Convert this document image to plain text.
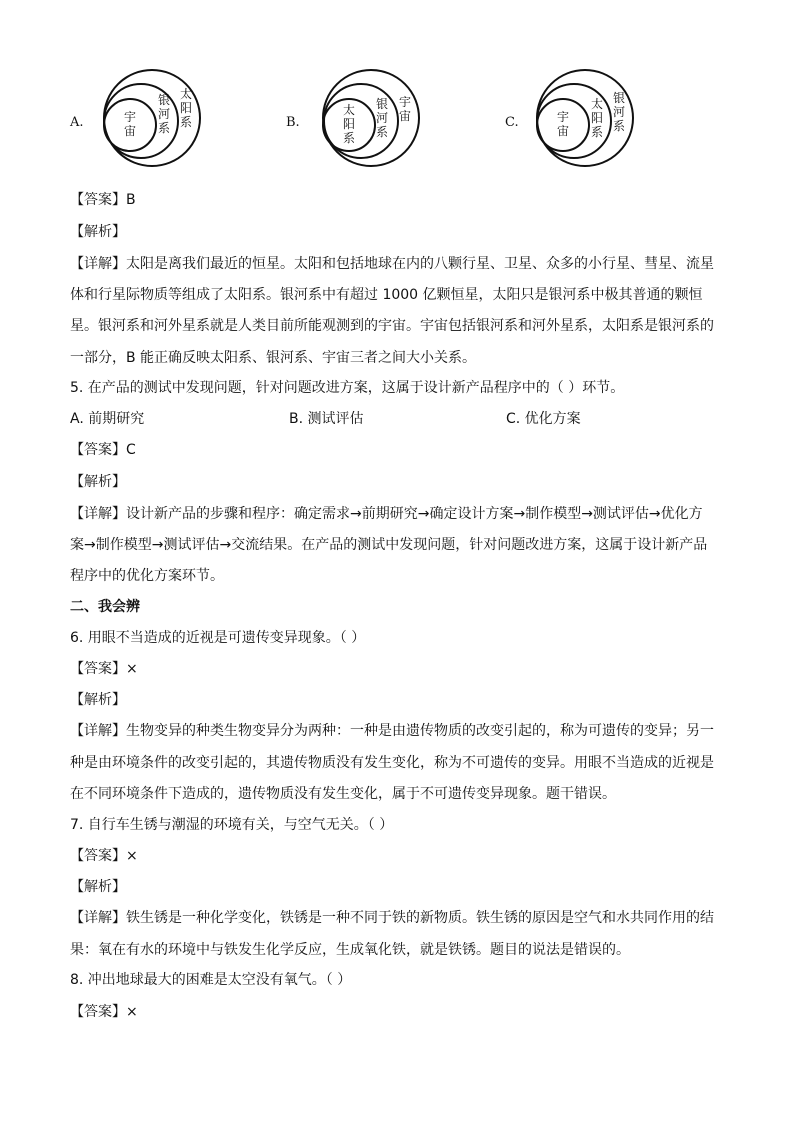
A.	宇
宙
银
河
系
太
阳
系	B.
太
阳
系
银
河
系
宇
宙	C.	宇
宙
太
阳
系
银
河
系
【答案】B
【解析】
【详解】太阳是离我们最近的恒星。太阳和包括地球在内的八颗行星、卫星、众多的小行星、彗星、流星
体和行星际物质等组成了太阳系。银河系中有超过 1000 亿颗恒星，太阳只是银河系中极其普通的颗恒
星。银河系和河外星系就是人类目前所能观测到的宇宙。宇宙包括银河系和河外星系，太阳系是银河系的
一部分，B 能正确反映太阳系、银河系、宇宙三者之间大小关系。
5. 在产品的测试中发现问题，针对问题改进方案，这属于设计新产品程序中的（ ）环节。
A. 前期研究	B. 测试评估	C. 优化方案
【答案】C
【解析】
【详解】设计新产品的步骤和程序：确定需求→前期研究→确定设计方案→制作模型→测试评估→优化方
案→制作模型→测试评估→交流结果。在产品的测试中发现问题，针对问题改进方案，这属于设计新产品
程序中的优化方案环节。
二、我会辨
6. 用眼不当造成的近视是可遗传变异现象。（ ）
【答案】×
【解析】
【详解】生物变异的种类生物变异分为两种：一种是由遗传物质的改变引起的，称为可遗传的变异；另一
种是由环境条件的改变引起的，其遗传物质没有发生变化，称为不可遗传的变异。用眼不当造成的近视是
在不同环境条件下造成的，遗传物质没有发生变化，属于不可遗传变异现象。题干错误。
7. 自行车生锈与潮湿的环境有关，与空气无关。（ ）
【答案】×
【解析】
【详解】铁生锈是一种化学变化，铁锈是一种不同于铁的新物质。铁生锈的原因是空气和水共同作用的结
果：氧在有水的环境中与铁发生化学反应，生成氧化铁，就是铁锈。题目的说法是错误的。
8. 冲出地球最大的困难是太空没有氧气。（ ）
【答案】×
